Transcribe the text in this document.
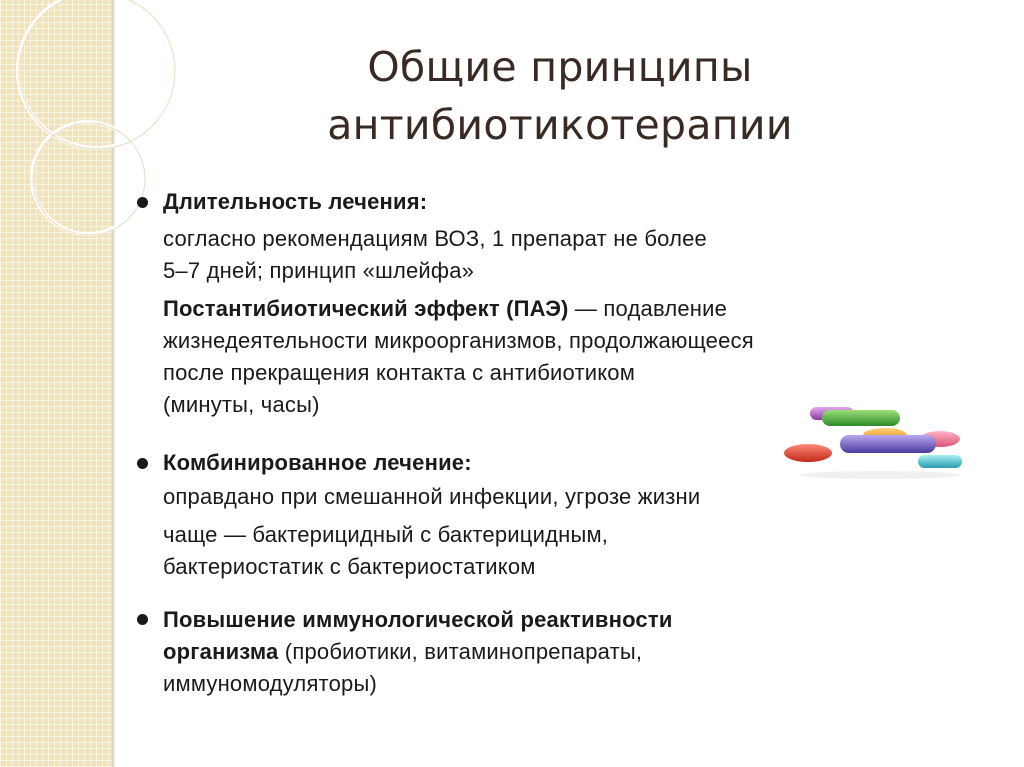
Общие принципы
антибиотикотерапии
Длительность лечения:
согласно рекомендациям ВОЗ, 1 препарат не более
5–7 дней; принцип «шлейфа»
Постантибиотический эффект (ПАЭ) — подавление
жизнедеятельности микроорганизмов, продолжающееся
после прекращения контакта с антибиотиком
(минуты, часы)
Комбинированное лечение:
оправдано при смешанной инфекции, угрозе жизни
чаще — бактерицидный с бактерицидным,
бактериостатик с бактериостатиком
Повышение иммунологической реактивности
организма (пробиотики, витаминопрепараты,
иммуномодуляторы)
